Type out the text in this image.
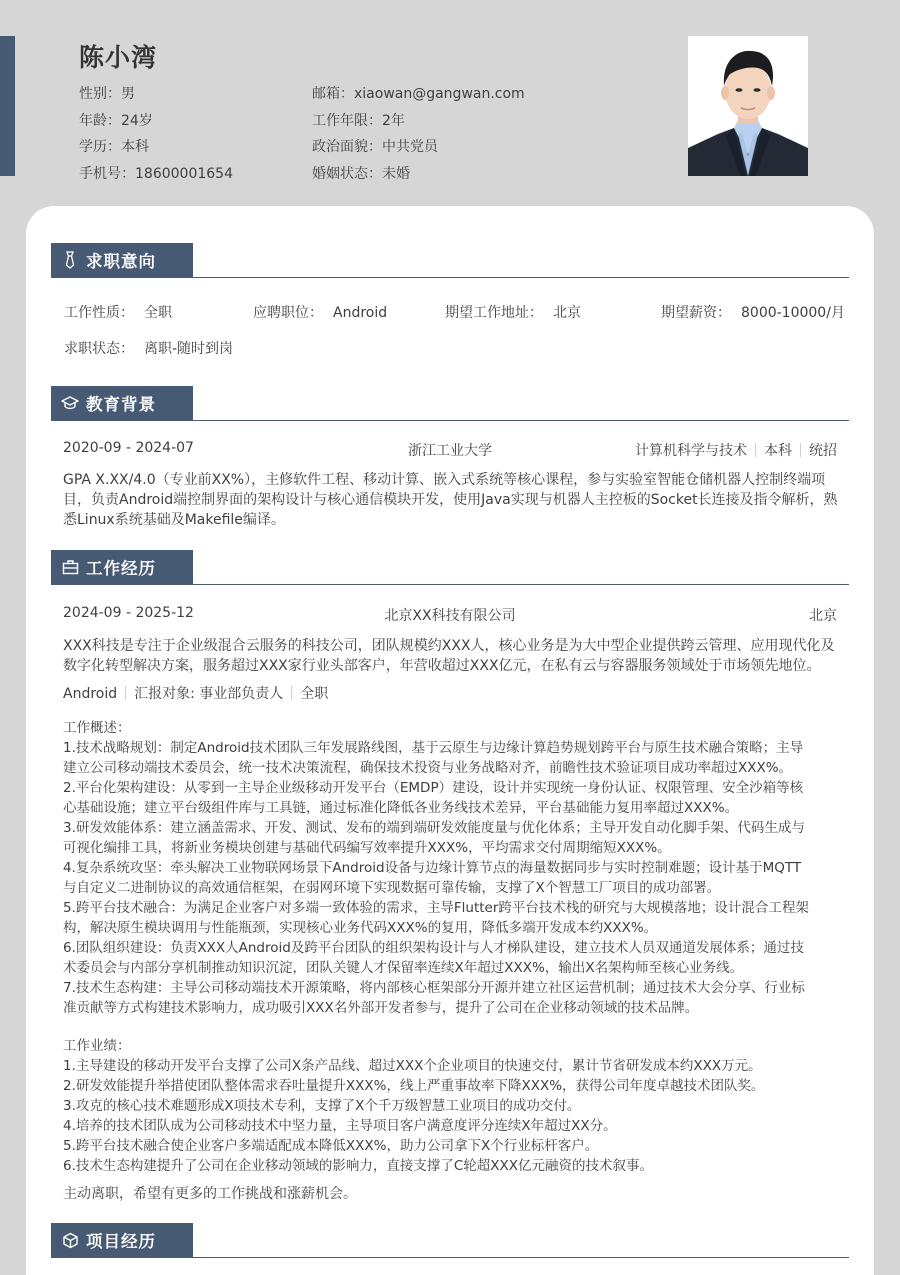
陈小湾
性别：男	邮箱：xiaowan@gangwan.com
年龄：24岁	工作年限：2年
学历：本科	政治面貌：中共党员
手机号：18600001654	婚姻状态：未婚
求职意向
工作性质： 全职	应聘职位： Android	期望工作地址： 北京	期望薪资： 8000-10000/月
求职状态： 离职-随时到岗
教育背景
2020-09 - 2024-07	浙江工业大学	计算机科学与技术 本科 统招
GPA X.XX/4.0（专业前XX%），主修软件工程、移动计算、嵌入式系统等核心课程，参与实验室智能仓储机器人控制终端项
目，负责Android端控制界面的架构设计与核心通信模块开发，使用Java实现与机器人主控板的Socket长连接及指令解析，熟
悉Linux系统基础及Makefile编译。
工作经历
2024-09 - 2025-12	北京XX科技有限公司	北京
XXX科技是专注于企业级混合云服务的科技公司，团队规模约XXX人，核心业务是为大中型企业提供跨云管理、应用现代化及
数字化转型解决方案，服务超过XXX家行业头部客户，年营收超过XXX亿元，在私有云与容器服务领域处于市场领先地位。
Android 汇报对象: 事业部负责人 全职
工作概述：
1.技术战略规划：制定Android技术团队三年发展路线图，基于云原生与边缘计算趋势规划跨平台与原生技术融合策略；主导
建立公司移动端技术委员会，统一技术决策流程，确保技术投资与业务战略对齐，前瞻性技术验证项目成功率超过XXX%。
2.平台化架构建设：从零到一主导企业级移动开发平台（EMDP）建设，设计并实现统一身份认证、权限管理、安全沙箱等核
心基础设施；建立平台级组件库与工具链，通过标准化降低各业务线技术差异，平台基础能力复用率超过XXX%。
3.研发效能体系：建立涵盖需求、开发、测试、发布的端到端研发效能度量与优化体系；主导开发自动化脚手架、代码生成与
可视化编排工具，将新业务模块创建与基础代码编写效率提升XXX%，平均需求交付周期缩短XXX%。
4.复杂系统攻坚：牵头解决工业物联网场景下Android设备与边缘计算节点的海量数据同步与实时控制难题；设计基于MQTT
与自定义二进制协议的高效通信框架，在弱网环境下实现数据可靠传输，支撑了X个智慧工厂项目的成功部署。
5.跨平台技术融合：为满足企业客户对多端一致体验的需求，主导Flutter跨平台技术栈的研究与大规模落地；设计混合工程架
构，解决原生模块调用与性能瓶颈，实现核心业务代码XXX%的复用，降低多端开发成本约XXX%。
6.团队组织建设：负责XXX人Android及跨平台团队的组织架构设计与人才梯队建设，建立技术人员双通道发展体系；通过技
术委员会与内部分享机制推动知识沉淀，团队关键人才保留率连续X年超过XXX%，输出X名架构师至核心业务线。
7.技术生态构建：主导公司移动端技术开源策略，将内部核心框架部分开源并建立社区运营机制；通过技术大会分享、行业标
准贡献等方式构建技术影响力，成功吸引XXX名外部开发者参与，提升了公司在企业移动领域的技术品牌。
工作业绩：
1.主导建设的移动开发平台支撑了公司X条产品线、超过XXX个企业项目的快速交付，累计节省研发成本约XXX万元。
2.研发效能提升举措使团队整体需求吞吐量提升XXX%，线上严重事故率下降XXX%，获得公司年度卓越技术团队奖。
3.攻克的核心技术难题形成X项技术专利，支撑了X个千万级智慧工业项目的成功交付。
4.培养的技术团队成为公司移动技术中坚力量，主导项目客户满意度评分连续X年超过XX分。
5.跨平台技术融合使企业客户多端适配成本降低XXX%，助力公司拿下X个行业标杆客户。
6.技术生态构建提升了公司在企业移动领域的影响力，直接支撑了C轮超XXX亿元融资的技术叙事。
主动离职，希望有更多的工作挑战和涨薪机会。
项目经历
